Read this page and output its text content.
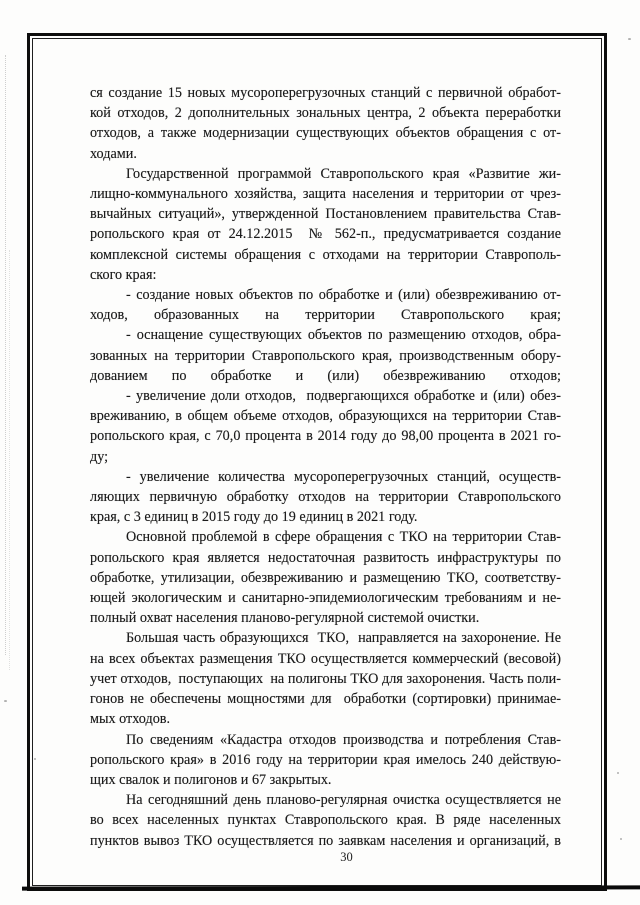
ся создание 15 новых мусороперегрузочных станций с первичной обработ-
кой отходов, 2 дополнительных зональных центра, 2 объекта переработки
отходов, а также модернизации существующих объектов обращения с от-
ходами.
Государственной программой Ставропольского края «Развитие жи-
лищно-коммунального хозяйства, защита населения и территории от чрез-
вычайных ситуаций», утвержденной Постановлением правительства Став-
ропольского края от 24.12.2015  № 562-п., предусматривается создание
комплексной системы обращения с отходами на территории Ставрополь-
ского края:
- создание новых объектов по обработке и (или) обезвреживанию от-
ходов, образованных на территории Ставропольского края;
- оснащение существующих объектов по размещению отходов, обра-
зованных на территории Ставропольского края, производственным обору-
дованием по обработке и (или) обезвреживанию отходов;
- увеличение доли отходов,  подвергающихся обработке и (или) обез-
вреживанию, в общем объеме отходов, образующихся на территории Став-
ропольского края, с 70,0 процента в 2014 году до 98,00 процента в 2021 го-
ду;
- увеличение количества мусороперегрузочных станций, осуществ-
ляющих первичную обработку отходов на территории Ставропольского
края, с 3 единиц в 2015 году до 19 единиц в 2021 году.
Основной проблемой в сфере обращения с ТКО на территории Став-
ропольского края является недостаточная развитость инфраструктуры по
обработке, утилизации, обезвреживанию и размещению ТКО, соответству-
ющей экологическим и санитарно-эпидемиологическим требованиям и не-
полный охват населения планово-регулярной системой очистки.
Большая часть образующихся  ТКО,  направляется на захоронение. Не
на всех объектах размещения ТКО осуществляется коммерческий (весовой)
учет отходов,  поступающих  на полигоны ТКО для захоронения. Часть поли-
гонов не обеспечены мощностями для  обработки (сортировки) принимае-
мых отходов.
По сведениям «Кадастра отходов производства и потребления Став-
ропольского края» в 2016 году на территории края имелось 240 действую-
щих свалок и полигонов и 67 закрытых.
На сегодняшний день планово-регулярная очистка осуществляется не
во всех населенных пунктах Ставропольского края. В ряде населенных
пунктов вывоз ТКО осуществляется по заявкам населения и организаций, в
30
